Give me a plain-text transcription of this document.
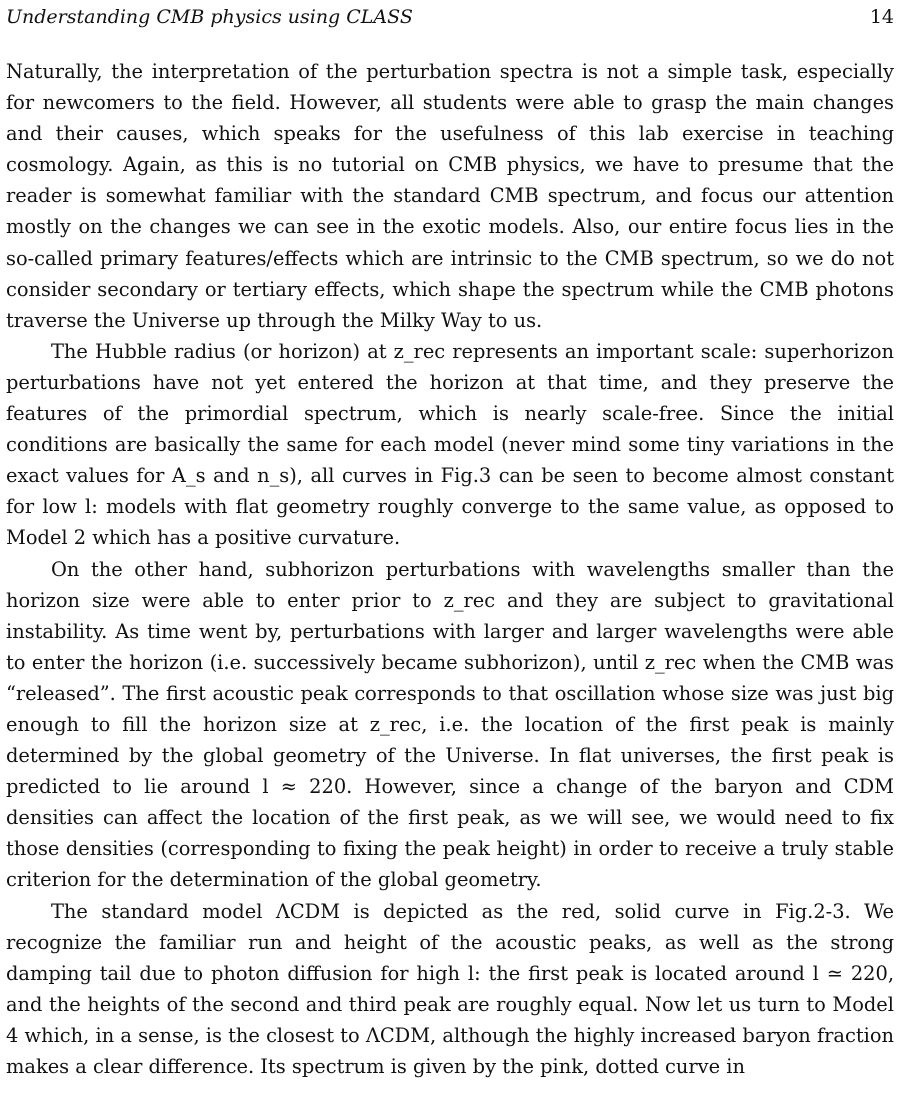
Understanding CMB physics using CLASS	14

Naturally, the interpretation of the perturbation spectra is not a simple task, especially for newcomers to the field. However, all students were able to grasp the main changes and their causes, which speaks for the usefulness of this lab exercise in teaching cosmology. Again, as this is no tutorial on CMB physics, we have to presume that the reader is somewhat familiar with the standard CMB spectrum, and focus our attention mostly on the changes we can see in the exotic models. Also, our entire focus lies in the so-called primary features/effects which are intrinsic to the CMB spectrum, so we do not consider secondary or tertiary effects, which shape the spectrum while the CMB photons traverse the Universe up through the Milky Way to us.

The Hubble radius (or horizon) at z_rec represents an important scale: superhorizon perturbations have not yet entered the horizon at that time, and they preserve the features of the primordial spectrum, which is nearly scale-free. Since the initial conditions are basically the same for each model (never mind some tiny variations in the exact values for A_s and n_s), all curves in Fig.3 can be seen to become almost constant for low l: models with flat geometry roughly converge to the same value, as opposed to Model 2 which has a positive curvature.

On the other hand, subhorizon perturbations with wavelengths smaller than the horizon size were able to enter prior to z_rec and they are subject to gravitational instability. As time went by, perturbations with larger and larger wavelengths were able to enter the horizon (i.e. successively became subhorizon), until z_rec when the CMB was “released”. The first acoustic peak corresponds to that oscillation whose size was just big enough to fill the horizon size at z_rec, i.e. the location of the first peak is mainly determined by the global geometry of the Universe. In flat universes, the first peak is predicted to lie around l ≈ 220. However, since a change of the baryon and CDM densities can affect the location of the first peak, as we will see, we would need to fix those densities (corresponding to fixing the peak height) in order to receive a truly stable criterion for the determination of the global geometry.

The standard model ΛCDM is depicted as the red, solid curve in Fig.2-3. We recognize the familiar run and height of the acoustic peaks, as well as the strong damping tail due to photon diffusion for high l: the first peak is located around l ≃ 220, and the heights of the second and third peak are roughly equal. Now let us turn to Model 4 which, in a sense, is the closest to ΛCDM, although the highly increased baryon fraction makes a clear difference. Its spectrum is given by the pink, dotted curve in
